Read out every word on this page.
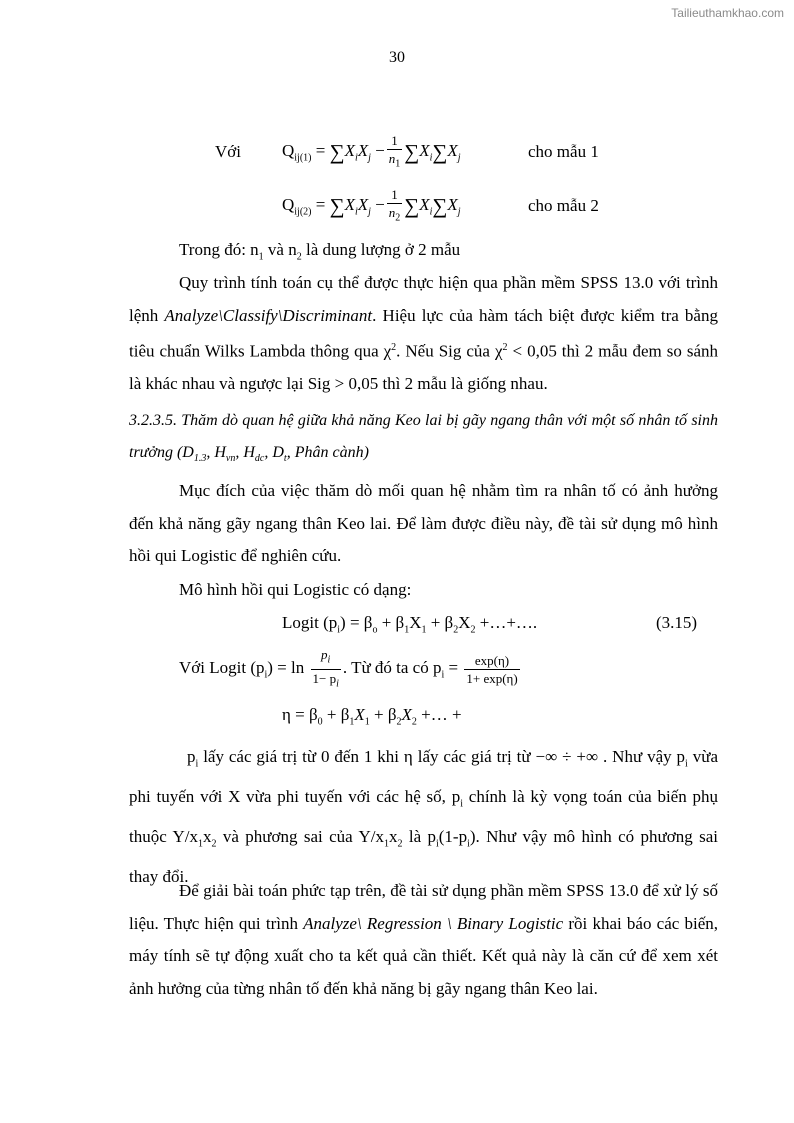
Tailieuthamkhao.com
30
Với $Q_{ij(1)} = \sum X_iX_j - \frac{1}{n_1} \sum X_i\sum X_j$	cho mẫu 1
$Q_{ij(2)} = \sum X_iX_j - \frac{1}{n_2} \sum X_i\sum X_j$	cho mẫu 2
Trong đó: $n_1$ và $n_2$ là dung lượng ở 2 mẫu
Quy trình tính toán cụ thể được thực hiện qua phần mềm SPSS 13.0 với trình lệnh Analyze\Classify\Discriminant. Hiệu lực của hàm tách biệt được kiểm tra bằng tiêu chuẩn Wilks Lambda thông qua $\chi^2$. Nếu Sig của $\chi^2 < 0,05$ thì 2 mẫu đem so sánh là khác nhau và ngược lại Sig > 0,05 thì 2 mẫu là giống nhau.
3.2.3.5. Thăm dò quan hệ giữa khả năng Keo lai bị gãy ngang thân với một số nhân tố sinh trưởng ($D_{1.3}$, $H_{vn}$, $H_{dc}$, $D_t$, Phân cành)
Mục đích của việc thăm dò mối quan hệ nhằm tìm ra nhân tố có ảnh hưởng đến khả năng gãy ngang thân Keo lai. Để làm được điều này, đề tài sử dụng mô hình hồi qui Logistic để nghiên cứu.
Mô hình hồi qui Logistic có dạng:
Logit $(p_i) = \beta_o + \beta_1X_1 + \beta_2X_2$ +…+….	(3.15)
Với Logit $(p_i) = \ln \frac{p_i}{1- p_i}$ . Từ đó ta có $p_i = \frac{\exp(\eta)}{1+ \exp(\eta)}$
$\eta = \beta_0 + \beta_1X_1 + \beta_2X_2$ +… +
$p_i$ lấy các giá trị từ 0 đến 1 khi η lấy các giá trị từ −∞ ÷ +∞ . Như vậy $p_i$ vừa phi tuyến với X vừa phi tuyến với các hệ số, $p_i$ chính là kỳ vọng toán của biến phụ thuộc $Y/x_1x_2$ và phương sai của $Y/x_1x_2$ là $p_i(1-p_i)$. Như vậy mô hình có phương sai thay đổi.
Để giải bài toán phức tạp trên, đề tài sử dụng phần mềm SPSS 13.0 để xử lý số liệu. Thực hiện qui trình Analyze\ Regression \ Binary Logistic rồi khai báo các biến, máy tính sẽ tự động xuất cho ta kết quả cần thiết. Kết quả này là căn cứ để xem xét ảnh hưởng của từng nhân tố đến khả năng bị gãy ngang thân Keo lai.
